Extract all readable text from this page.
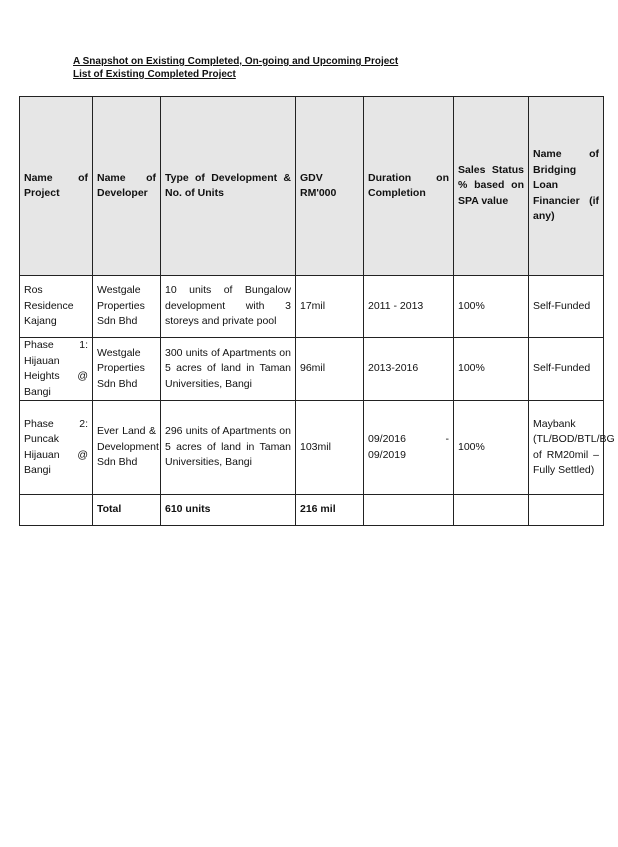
A Snapshot on Existing Completed, On-going and Upcoming Project
List of Existing Completed Project
Name of Project	Name of Developer	Type of Development & No. of Units	GDV RM'000	Duration on Completion	Sales Status % based on SPA value	Name of Bridging Loan Financier (if any)
Ros Residence Kajang	Westgale Properties Sdn Bhd	10 units of Bungalow development with 3 storeys and private pool	17mil	2011 - 2013	100%	Self-Funded
Phase 1: Hijauan Heights @ Bangi	Westgale Properties Sdn Bhd	300 units of Apartments on 5 acres of land in Taman Universities, Bangi	96mil	2013-2016	100%	Self-Funded
Phase 2: Puncak Hijauan @ Bangi	Ever Land & Development Sdn Bhd	296 units of Apartments on 5 acres of land in Taman Universities, Bangi	103mil	09/2016 - 09/2019	100%	Maybank (TL/BOD/BTL/BG of RM20mil – Fully Settled)
	Total	610 units	216 mil			
